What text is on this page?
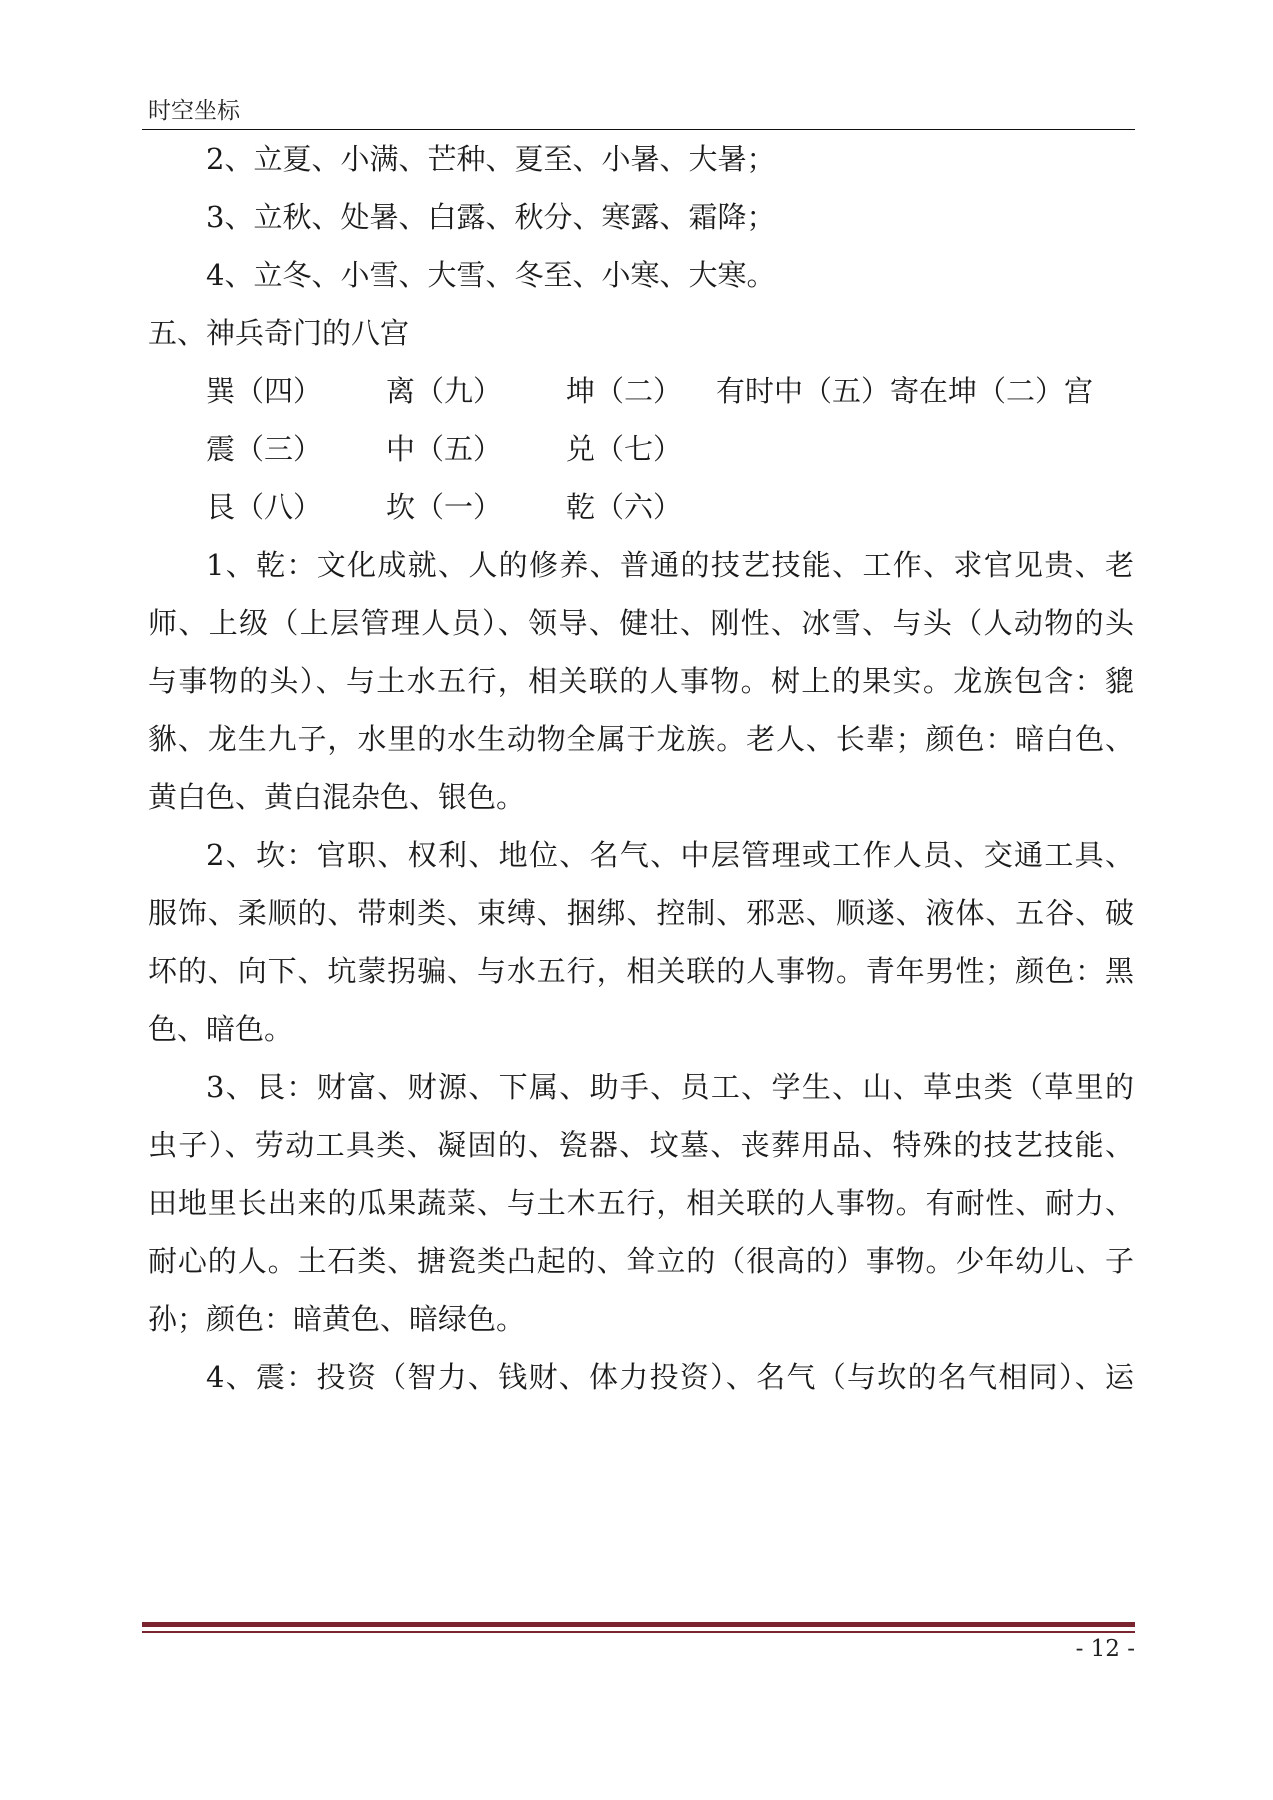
时空坐标
2、立夏、小满、芒种、夏至、小暑、大暑；
3、立秋、处暑、白露、秋分、寒露、霜降；
4、立冬、小雪、大雪、冬至、小寒、大寒。
五、神兵奇门的八宫
巽（四） 离（九） 坤（二） 有时中（五）寄在坤（二）宫
震（三） 中（五） 兑（七）
艮（八） 坎（一） 乾（六）
1、乾：文化成就、人的修养、普通的技艺技能、工作、求官见贵、老
师、上级（上层管理人员）、领导、健壮、刚性、冰雪、与头（人动物的头
与事物的头）、与土水五行，相关联的人事物。树上的果实。龙族包含：貔
貅、龙生九子，水里的水生动物全属于龙族。老人、长辈；颜色：暗白色、
黄白色、黄白混杂色、银色。
2、坎：官职、权利、地位、名气、中层管理或工作人员、交通工具、
服饰、柔顺的、带刺类、束缚、捆绑、控制、邪恶、顺遂、液体、五谷、破
坏的、向下、坑蒙拐骗、与水五行，相关联的人事物。青年男性；颜色：黑
色、暗色。
3、艮：财富、财源、下属、助手、员工、学生、山、草虫类（草里的
虫子）、劳动工具类、凝固的、瓷器、坟墓、丧葬用品、特殊的技艺技能、
田地里长出来的瓜果蔬菜、与土木五行，相关联的人事物。有耐性、耐力、
耐心的人。土石类、搪瓷类凸起的、耸立的（很高的）事物。少年幼儿、子
孙；颜色：暗黄色、暗绿色。
4、震：投资（智力、钱财、体力投资）、名气（与坎的名气相同）、运
- 12 -
